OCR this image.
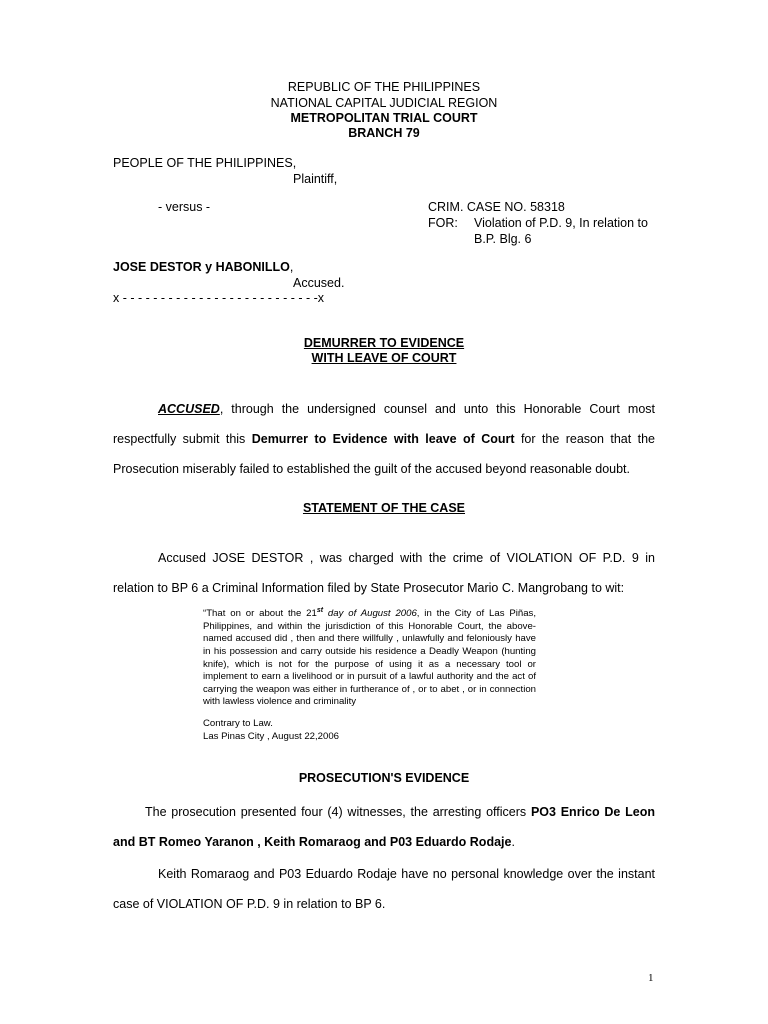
REPUBLIC OF THE PHILIPPINES
NATIONAL CAPITAL JUDICIAL REGION
METROPOLITAN TRIAL COURT
BRANCH 79
PEOPLE OF THE PHILIPPINES,
Plaintiff,
- versus -	CRIM. CASE NO. 58318
FOR: Violation of P.D. 9, In relation to
B.P. Blg. 6
JOSE DESTOR y HABONILLO,
Accused.
x - - - - - - - - - - - - - - - - - - - - - - - - - -x
DEMURRER TO EVIDENCE
WITH LEAVE OF COURT
ACCUSED, through the undersigned counsel and unto this Honorable Court most respectfully submit this Demurrer to Evidence with leave of Court for the reason that the Prosecution miserably failed to established the guilt of the accused beyond reasonable doubt.
STATEMENT OF THE CASE
Accused JOSE DESTOR , was charged with the crime of VIOLATION OF P.D. 9 in relation to BP 6 a Criminal Information filed by State Prosecutor Mario C. Mangrobang to wit:
“That on or about the 21st day of August 2006, in the City of Las Piñas, Philippines, and within the jurisdiction of this Honorable Court, the above-named accused did , then and there willfully , unlawfully and feloniously have in his possession and carry outside his residence a Deadly Weapon (hunting knife), which is not for the purpose of using it as a necessary tool or implement to earn a livelihood or in pursuit of a lawful authority and the act of carrying the weapon was either in furtherance of , or to abet , or in connection with lawless violence and criminality
Contrary to Law.
Las Pinas City , August 22,2006
PROSECUTION'S EVIDENCE
The prosecution presented four (4) witnesses, the arresting officers PO3 Enrico De Leon and BT Romeo Yaranon , Keith Romaraog and P03 Eduardo Rodaje.
Keith Romaraog and P03 Eduardo Rodaje have no personal knowledge over the instant case of VIOLATION OF P.D. 9 in relation to BP 6.
1
